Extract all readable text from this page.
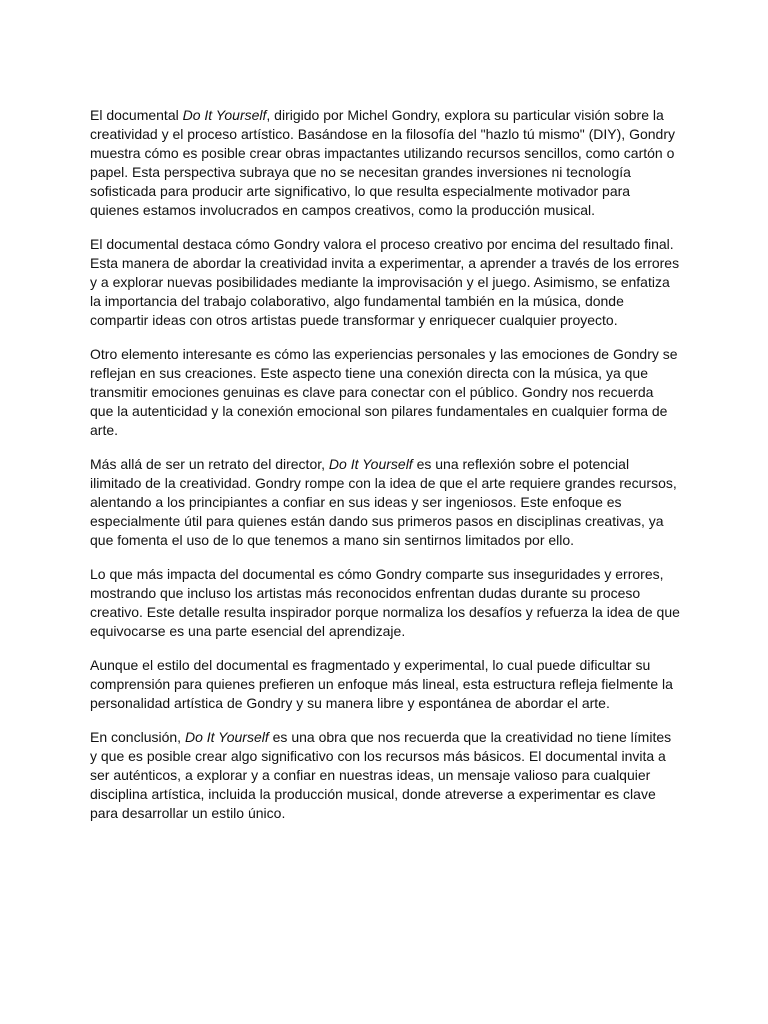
El documental Do It Yourself, dirigido por Michel Gondry, explora su particular visión sobre la creatividad y el proceso artístico. Basándose en la filosofía del "hazlo tú mismo" (DIY), Gondry muestra cómo es posible crear obras impactantes utilizando recursos sencillos, como cartón o papel. Esta perspectiva subraya que no se necesitan grandes inversiones ni tecnología sofisticada para producir arte significativo, lo que resulta especialmente motivador para quienes estamos involucrados en campos creativos, como la producción musical.

El documental destaca cómo Gondry valora el proceso creativo por encima del resultado final. Esta manera de abordar la creatividad invita a experimentar, a aprender a través de los errores y a explorar nuevas posibilidades mediante la improvisación y el juego. Asimismo, se enfatiza la importancia del trabajo colaborativo, algo fundamental también en la música, donde compartir ideas con otros artistas puede transformar y enriquecer cualquier proyecto.

Otro elemento interesante es cómo las experiencias personales y las emociones de Gondry se reflejan en sus creaciones. Este aspecto tiene una conexión directa con la música, ya que transmitir emociones genuinas es clave para conectar con el público. Gondry nos recuerda que la autenticidad y la conexión emocional son pilares fundamentales en cualquier forma de arte.

Más allá de ser un retrato del director, Do It Yourself es una reflexión sobre el potencial ilimitado de la creatividad. Gondry rompe con la idea de que el arte requiere grandes recursos, alentando a los principiantes a confiar en sus ideas y ser ingeniosos. Este enfoque es especialmente útil para quienes están dando sus primeros pasos en disciplinas creativas, ya que fomenta el uso de lo que tenemos a mano sin sentirnos limitados por ello.

Lo que más impacta del documental es cómo Gondry comparte sus inseguridades y errores, mostrando que incluso los artistas más reconocidos enfrentan dudas durante su proceso creativo. Este detalle resulta inspirador porque normaliza los desafíos y refuerza la idea de que equivocarse es una parte esencial del aprendizaje.

Aunque el estilo del documental es fragmentado y experimental, lo cual puede dificultar su comprensión para quienes prefieren un enfoque más lineal, esta estructura refleja fielmente la personalidad artística de Gondry y su manera libre y espontánea de abordar el arte.

En conclusión, Do It Yourself es una obra que nos recuerda que la creatividad no tiene límites y que es posible crear algo significativo con los recursos más básicos. El documental invita a ser auténticos, a explorar y a confiar en nuestras ideas, un mensaje valioso para cualquier disciplina artística, incluida la producción musical, donde atreverse a experimentar es clave para desarrollar un estilo único.
